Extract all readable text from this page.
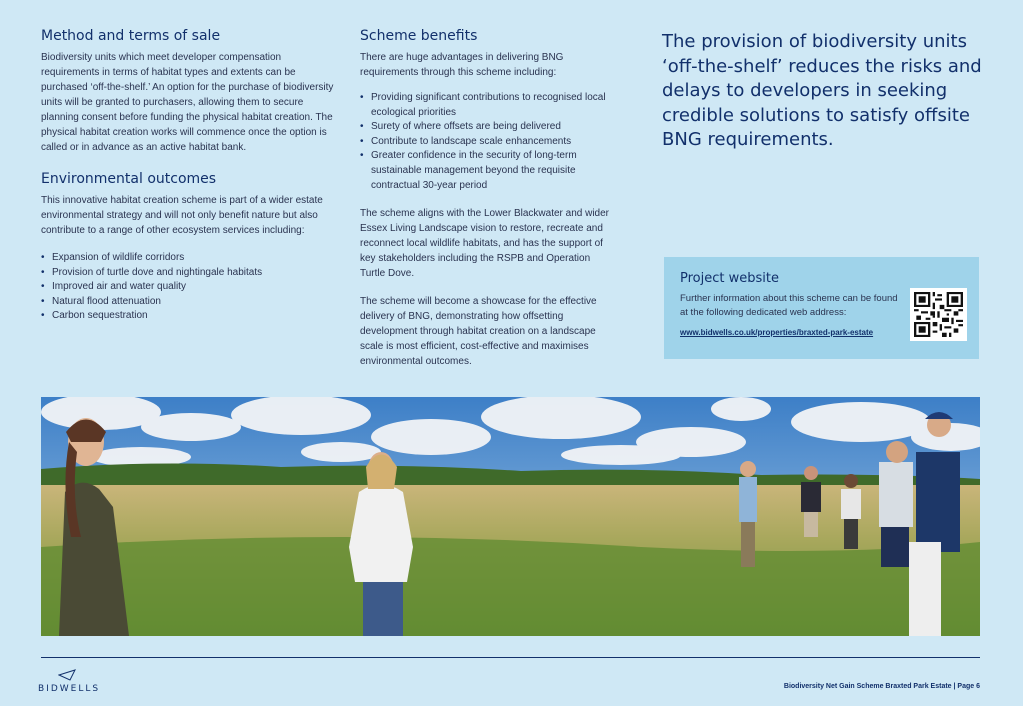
Method and terms of sale

Biodiversity units which meet developer compensation requirements in terms of habitat types and extents can be purchased ‘off-the-shelf.’ An option for the purchase of biodiversity units will be granted to purchasers, allowing them to secure planning consent before funding the physical habitat creation. The physical habitat creation works will commence once the option is called or in advance as an active habitat bank.

Environmental outcomes

This innovative habitat creation scheme is part of a wider estate environmental strategy and will not only benefit nature but also contribute to a range of other ecosystem services including:

• Expansion of wildlife corridors
• Provision of turtle dove and nightingale habitats
• Improved air and water quality
• Natural flood attenuation
• Carbon sequestration
Scheme benefits

There are huge advantages in delivering BNG requirements through this scheme including:

• Providing significant contributions to recognised local ecological priorities
• Surety of where offsets are being delivered
• Contribute to landscape scale enhancements
• Greater confidence in the security of long-term sustainable management beyond the requisite contractual 30-year period

The scheme aligns with the Lower Blackwater and wider Essex Living Landscape vision to restore, recreate and reconnect local wildlife habitats, and has the support of key stakeholders including the RSPB and Operation Turtle Dove.

The scheme will become a showcase for the effective delivery of BNG, demonstrating how offsetting development through habitat creation on a landscape scale is most efficient, cost-effective and maximises environmental outcomes.

The provision of biodiversity units ‘off-the-shelf’ reduces the risks and delays to developers in seeking credible solutions to satisfy offsite BNG requirements.
Project website
Further information about this scheme can be found at the following dedicated web address:
www.bidwells.co.uk/properties/braxted-park-estate
BIDWELLS	Biodiversity Net Gain Scheme Braxted Park Estate | Page 6
